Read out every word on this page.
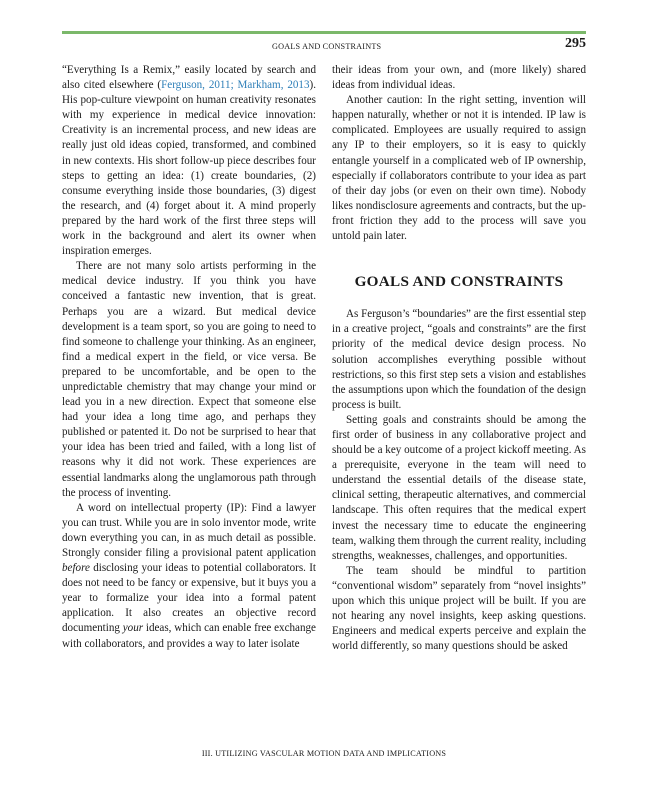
GOALS AND CONSTRAINTS	295

“Everything Is a Remix,” easily located by search and also cited elsewhere (Ferguson, 2011; Markham, 2013). His pop-culture viewpoint on human creativity resonates with my experience in medical device innovation: Creativity is an incremental process, and new ideas are really just old ideas copied, transformed, and combined in new contexts. His short follow-up piece describes four steps to getting an idea: (1) create boundaries, (2) consume everything inside those boundaries, (3) digest the research, and (4) forget about it. A mind properly prepared by the hard work of the first three steps will work in the background and alert its owner when inspiration emerges.

There are not many solo artists performing in the medical device industry. If you think you have conceived a fantastic new invention, that is great. Perhaps you are a wizard. But medical device development is a team sport, so you are going to need to find someone to challenge your thinking. As an engineer, find a medical expert in the field, or vice versa. Be prepared to be uncomfortable, and be open to the unpredictable chemistry that may change your mind or lead you in a new direction. Expect that someone else had your idea a long time ago, and perhaps they published or patented it. Do not be surprised to hear that your idea has been tried and failed, with a long list of reasons why it did not work. These experiences are essential landmarks along the unglamorous path through the process of inventing.

A word on intellectual property (IP): Find a lawyer you can trust. While you are in solo inventor mode, write down everything you can, in as much detail as possible. Strongly consider filing a provisional patent application before disclosing your ideas to potential collaborators. It does not need to be fancy or expensive, but it buys you a year to formalize your idea into a formal patent application. It also creates an objective record documenting your ideas, which can enable free exchange with collaborators, and provides a way to later isolate

their ideas from your own, and (more likely) shared ideas from individual ideas.

Another caution: In the right setting, invention will happen naturally, whether or not it is intended. IP law is complicated. Employees are usually required to assign any IP to their employers, so it is easy to quickly entangle yourself in a complicated web of IP ownership, especially if collaborators contribute to your idea as part of their day jobs (or even on their own time). Nobody likes nondisclosure agreements and contracts, but the up-front friction they add to the process will save you untold pain later.

GOALS AND CONSTRAINTS

As Ferguson’s “boundaries” are the first essential step in a creative project, “goals and constraints” are the first priority of the medical device design process. No solution accomplishes everything possible without restrictions, so this first step sets a vision and establishes the assumptions upon which the foundation of the design process is built.

Setting goals and constraints should be among the first order of business in any collaborative project and should be a key outcome of a project kickoff meeting. As a prerequisite, everyone in the team will need to understand the essential details of the disease state, clinical setting, therapeutic alternatives, and commercial landscape. This often requires that the medical expert invest the necessary time to educate the engineering team, walking them through the current reality, including strengths, weaknesses, challenges, and opportunities.

The team should be mindful to partition “conventional wisdom” separately from “novel insights” upon which this unique project will be built. If you are not hearing any novel insights, keep asking questions. Engineers and medical experts perceive and explain the world differently, so many questions should be asked

III. UTILIZING VASCULAR MOTION DATA AND IMPLICATIONS
